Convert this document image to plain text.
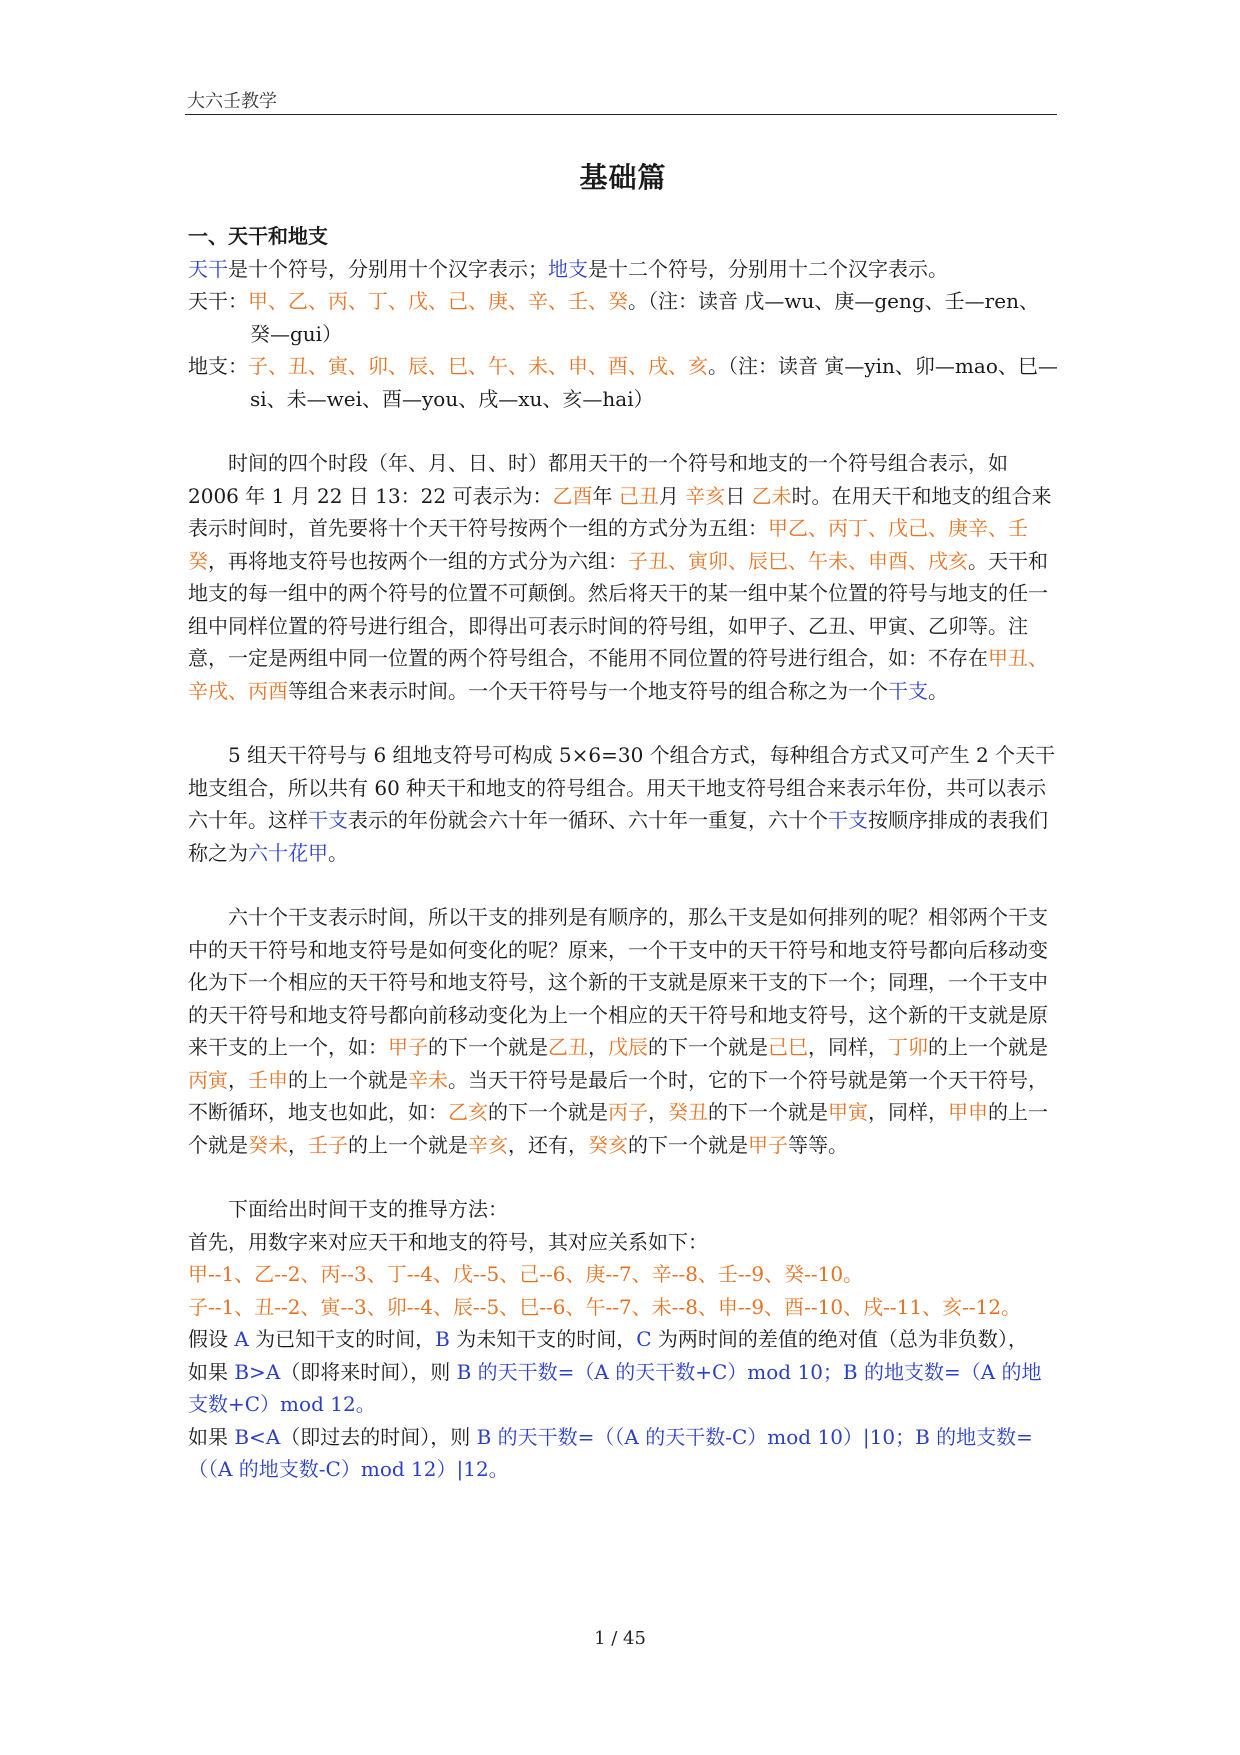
大六壬教学
基础篇

一、天干和地支

天干是十个符号，分别用十个汉字表示；地支是十二个符号，分别用十二个汉字表示。

天干：甲、乙、丙、丁、戊、己、庚、辛、壬、癸。（注：读音 戊—wu、庚—geng、壬—ren、癸—gui）

地支：子、丑、寅、卯、辰、巳、午、未、申、酉、戌、亥。（注：读音 寅—yin、卯—mao、巳—si、未—wei、酉—you、戌—xu、亥—hai）

时间的四个时段（年、月、日、时）都用天干的一个符号和地支的一个符号组合表示，如 2006 年 1 月 22 日 13：22 可表示为：乙酉年 己丑月 辛亥日 乙未时。在用天干和地支的组合来表示时间时，首先要将十个天干符号按两个一组的方式分为五组：甲乙、丙丁、戊己、庚辛、壬癸，再将地支符号也按两个一组的方式分为六组：子丑、寅卯、辰巳、午未、申酉、戌亥。天干和地支的每一组中的两个符号的位置不可颠倒。然后将天干的某一组中某个位置的符号与地支的任一组中同样位置的符号进行组合，即得出可表示时间的符号组，如甲子、乙丑、甲寅、乙卯等。注意，一定是两组中同一位置的两个符号组合，不能用不同位置的符号进行组合，如：不存在甲丑、辛戌、丙酉等组合来表示时间。一个天干符号与一个地支符号的组合称之为一个干支。

5 组天干符号与 6 组地支符号可构成 5×6=30 个组合方式，每种组合方式又可产生 2 个天干地支组合，所以共有 60 种天干和地支的符号组合。用天干地支符号组合来表示年份，共可以表示六十年。这样干支表示的年份就会六十年一循环、六十年一重复，六十个干支按顺序排成的表我们称之为六十花甲。

六十个干支表示时间，所以干支的排列是有顺序的，那么干支是如何排列的呢？相邻两个干支中的天干符号和地支符号是如何变化的呢？原来，一个干支中的天干符号和地支符号都向后移动变化为下一个相应的天干符号和地支符号，这个新的干支就是原来干支的下一个；同理，一个干支中的天干符号和地支符号都向前移动变化为上一个相应的天干符号和地支符号，这个新的干支就是原来干支的上一个，如：甲子的下一个就是乙丑，戊辰的下一个就是己巳，同样，丁卯的上一个就是丙寅，壬申的上一个就是辛未。当天干符号是最后一个时，它的下一个符号就是第一个天干符号，不断循环，地支也如此，如：乙亥的下一个就是丙子，癸丑的下一个就是甲寅，同样，甲申的上一个就是癸未，壬子的上一个就是辛亥，还有，癸亥的下一个就是甲子等等。

下面给出时间干支的推导方法：

首先，用数字来对应天干和地支的符号，其对应关系如下：

甲--1、乙--2、丙--3、丁--4、戊--5、己--6、庚--7、辛--8、壬--9、癸--10。

子--1、丑--2、寅--3、卯--4、辰--5、巳--6、午--7、未--8、申--9、酉--10、戌--11、亥--12。

假设 A 为已知干支的时间，B 为未知干支的时间，C 为两时间的差值的绝对值（总为非负数），

如果 B>A（即将来时间），则 B 的天干数=（A 的天干数+C）mod 10；B 的地支数=（A 的地支数+C）mod 12。

如果 B<A（即过去的时间），则 B 的天干数=（（A 的天干数-C）mod 10）|10；B 的地支数=（（A 的地支数-C）mod 12）|12。

1 / 45
